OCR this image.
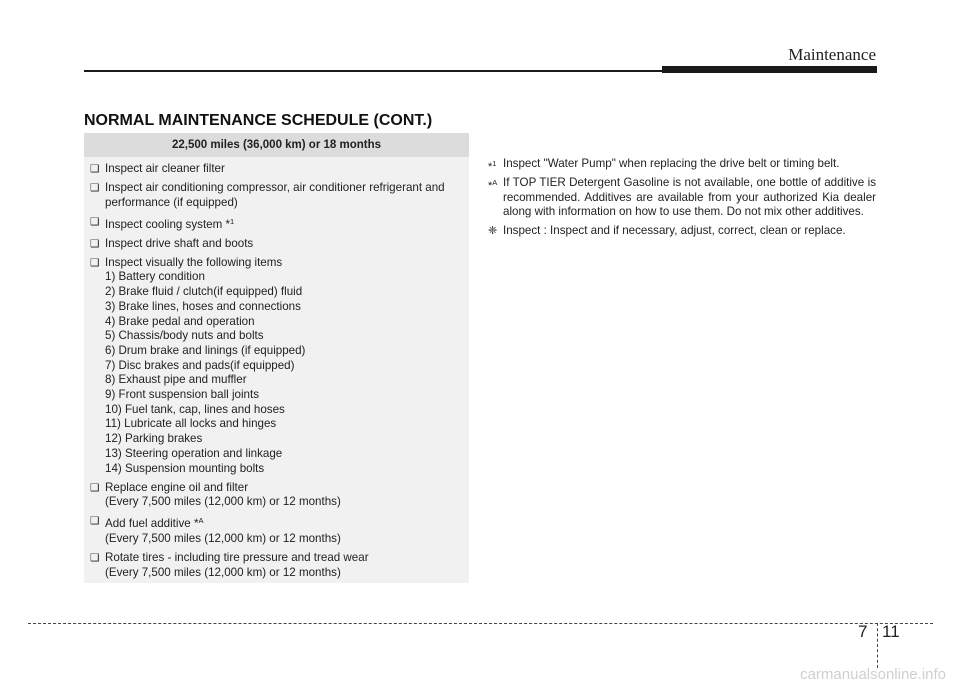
Maintenance
NORMAL MAINTENANCE SCHEDULE (CONT.)
22,500 miles (36,000 km) or 18 months
❑ Inspect air cleaner filter
❑ Inspect air conditioning compressor, air conditioner refrigerant and
performance (if equipped)
❑ Inspect cooling system *$^1$
❑ Inspect drive shaft and boots
❑ Inspect visually the following items
1) Battery condition
2) Brake fluid / clutch(if equipped) fluid
3) Brake lines, hoses and connections
4) Brake pedal and operation
5) Chassis/body nuts and bolts
6) Drum brake and linings (if equipped)
7) Disc brakes and pads(if equipped)
8) Exhaust pipe and muffler
9) Front suspension ball joints
10) Fuel tank, cap, lines and hoses
11) Lubricate all locks and hinges
12) Parking brakes
13) Steering operation and linkage
14) Suspension mounting bolts
❑ Replace engine oil and filter
(Every 7,500 miles (12,000 km) or 12 months)
❑ Add fuel additive *$^A$
(Every 7,500 miles (12,000 km) or 12 months)
❑ Rotate tires - including tire pressure and tread wear
(Every 7,500 miles (12,000 km) or 12 months)
*$^1$ Inspect "Water Pump" when replacing the drive belt or timing belt.
*$^A$ If TOP TIER Detergent Gasoline is not available, one bottle of additive is recommended. Additives are available from your authorized Kia dealer along with information on how to use them. Do not mix other additives.
❈ Inspect : Inspect and if necessary, adjust, correct, clean or replace.
7 11
carmanualsonline.info
